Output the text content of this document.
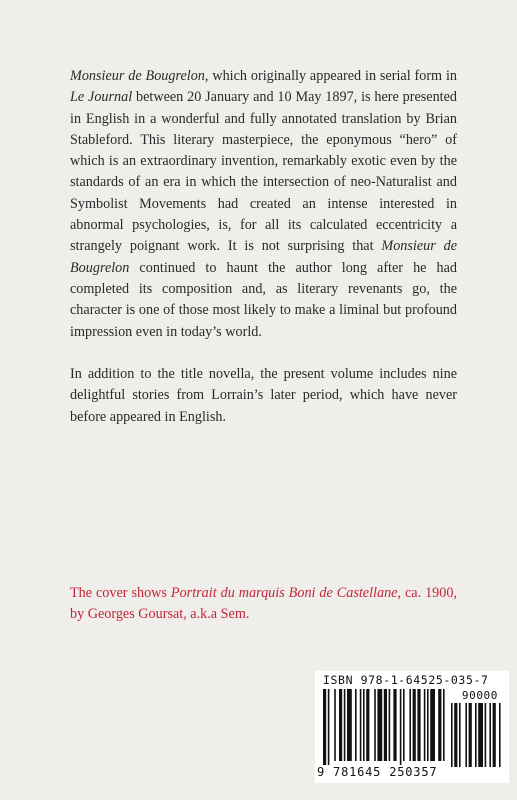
Monsieur de Bougrelon, which originally appeared in serial form in Le Journal between 20 January and 10 May 1897, is here presented in English in a wonderful and fully annotated translation by Brian Stableford. This literary masterpiece, the eponymous “hero” of which is an extraordinary invention, remarkably exotic even by the standards of an era in which the intersection of neo-Naturalist and Symbolist Movements had created an intense interested in abnormal psychologies, is, for all its calculated eccentricity a strangely poignant work. It is not surprising that Monsieur de Bougrelon continued to haunt the author long after he had completed its composition and, as literary revenants go, the character is one of those most likely to make a liminal but profound impression even in today’s world.

In addition to the title novella, the present volume includes nine delightful stories from Lorrain’s later period, which have never before appeared in English.

The cover shows Portrait du marquis Boni de Castellane, ca. 1900, by Georges Goursat, a.k.a Sem.

ISBN 978-1-64525-035-7
90000
9 781645 250357
